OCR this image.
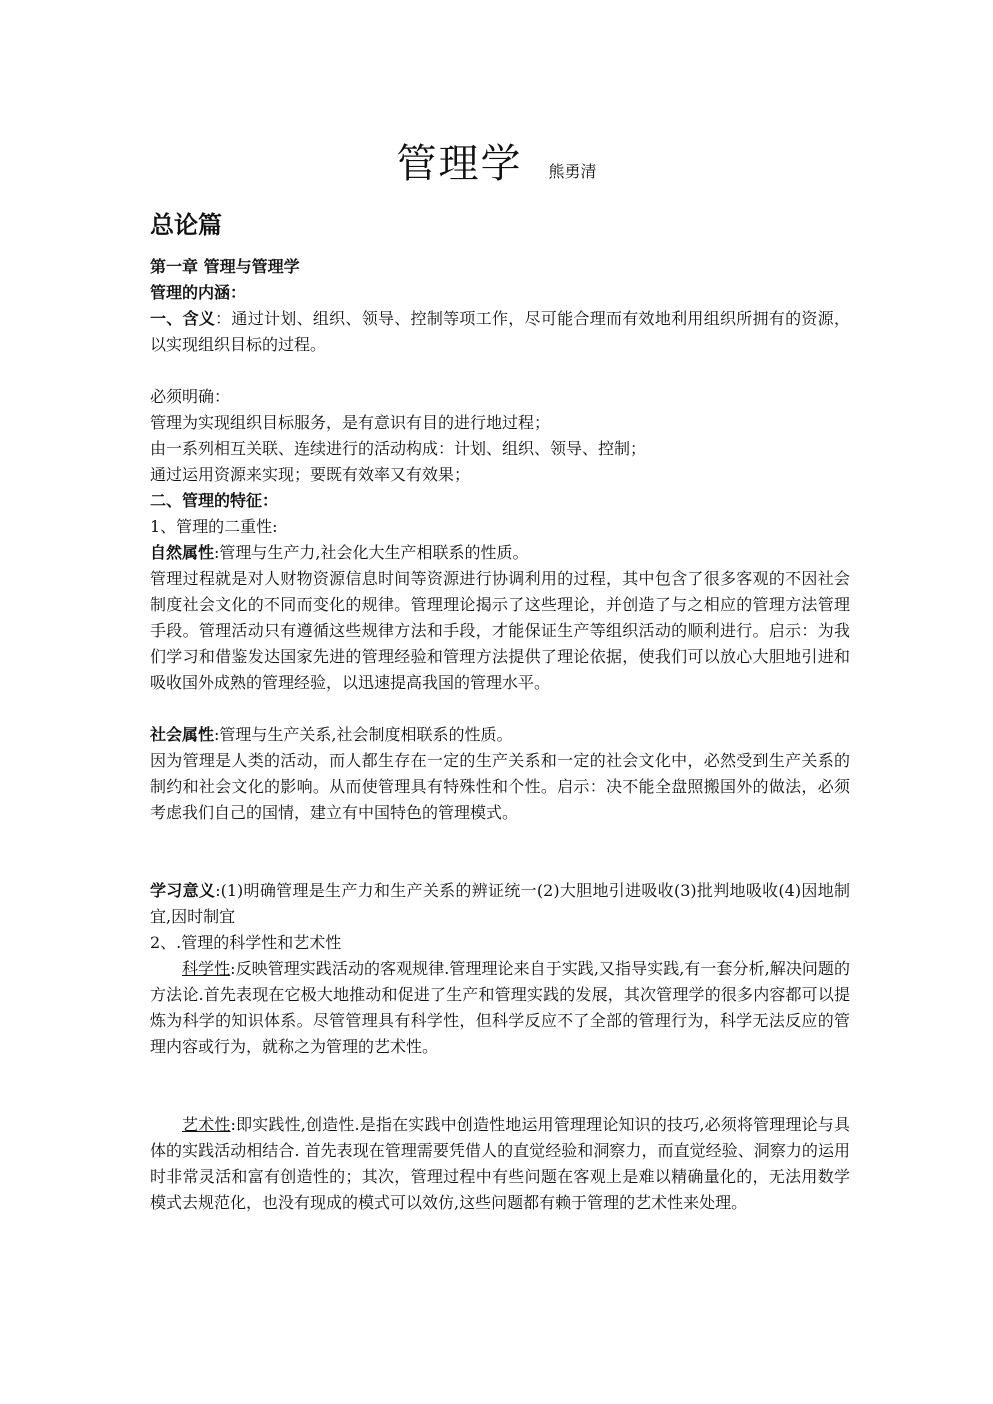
管理学 熊勇清
总论篇

第一章 管理与管理学

管理的内涵：

一、含义：通过计划、组织、领导、控制等项工作，尽可能合理而有效地利用组织所拥有的资源，以实现组织目标的过程。

必须明确：

管理为实现组织目标服务，是有意识有目的进行地过程；

由一系列相互关联、连续进行的活动构成：计划、组织、领导、控制；

通过运用资源来实现；要既有效率又有效果；

二、管理的特征：

1、管理的二重性:

自然属性:管理与生产力,社会化大生产相联系的性质。

管理过程就是对人财物资源信息时间等资源进行协调利用的过程，其中包含了很多客观的不因社会制度社会文化的不同而变化的规律。管理理论揭示了这些理论，并创造了与之相应的管理方法管理手段。管理活动只有遵循这些规律方法和手段，才能保证生产等组织活动的顺利进行。启示：为我们学习和借鉴发达国家先进的管理经验和管理方法提供了理论依据，使我们可以放心大胆地引进和吸收国外成熟的管理经验，以迅速提高我国的管理水平。

社会属性:管理与生产关系,社会制度相联系的性质。

因为管理是人类的活动，而人都生存在一定的生产关系和一定的社会文化中，必然受到生产关系的制约和社会文化的影响。从而使管理具有特殊性和个性。启示：决不能全盘照搬国外的做法，必须考虑我们自己的国情，建立有中国特色的管理模式。

学习意义:(1)明确管理是生产力和生产关系的辨证统一(2)大胆地引进吸收(3)批判地吸收(4)因地制宜,因时制宜

2、.管理的科学性和艺术性

科学性:反映管理实践活动的客观规律.管理理论来自于实践,又指导实践,有一套分析,解决问题的方法论.首先表现在它极大地推动和促进了生产和管理实践的发展，其次管理学的很多内容都可以提炼为科学的知识体系。尽管管理具有科学性，但科学反应不了全部的管理行为，科学无法反应的管理内容或行为，就称之为管理的艺术性。

艺术性:即实践性,创造性.是指在实践中创造性地运用管理理论知识的技巧,必须将管理理论与具体的实践活动相结合. 首先表现在管理需要凭借人的直觉经验和洞察力，而直觉经验、洞察力的运用时非常灵活和富有创造性的；其次，管理过程中有些问题在客观上是难以精确量化的，无法用数学模式去规范化，也没有现成的模式可以效仿,这些问题都有赖于管理的艺术性来处理。
